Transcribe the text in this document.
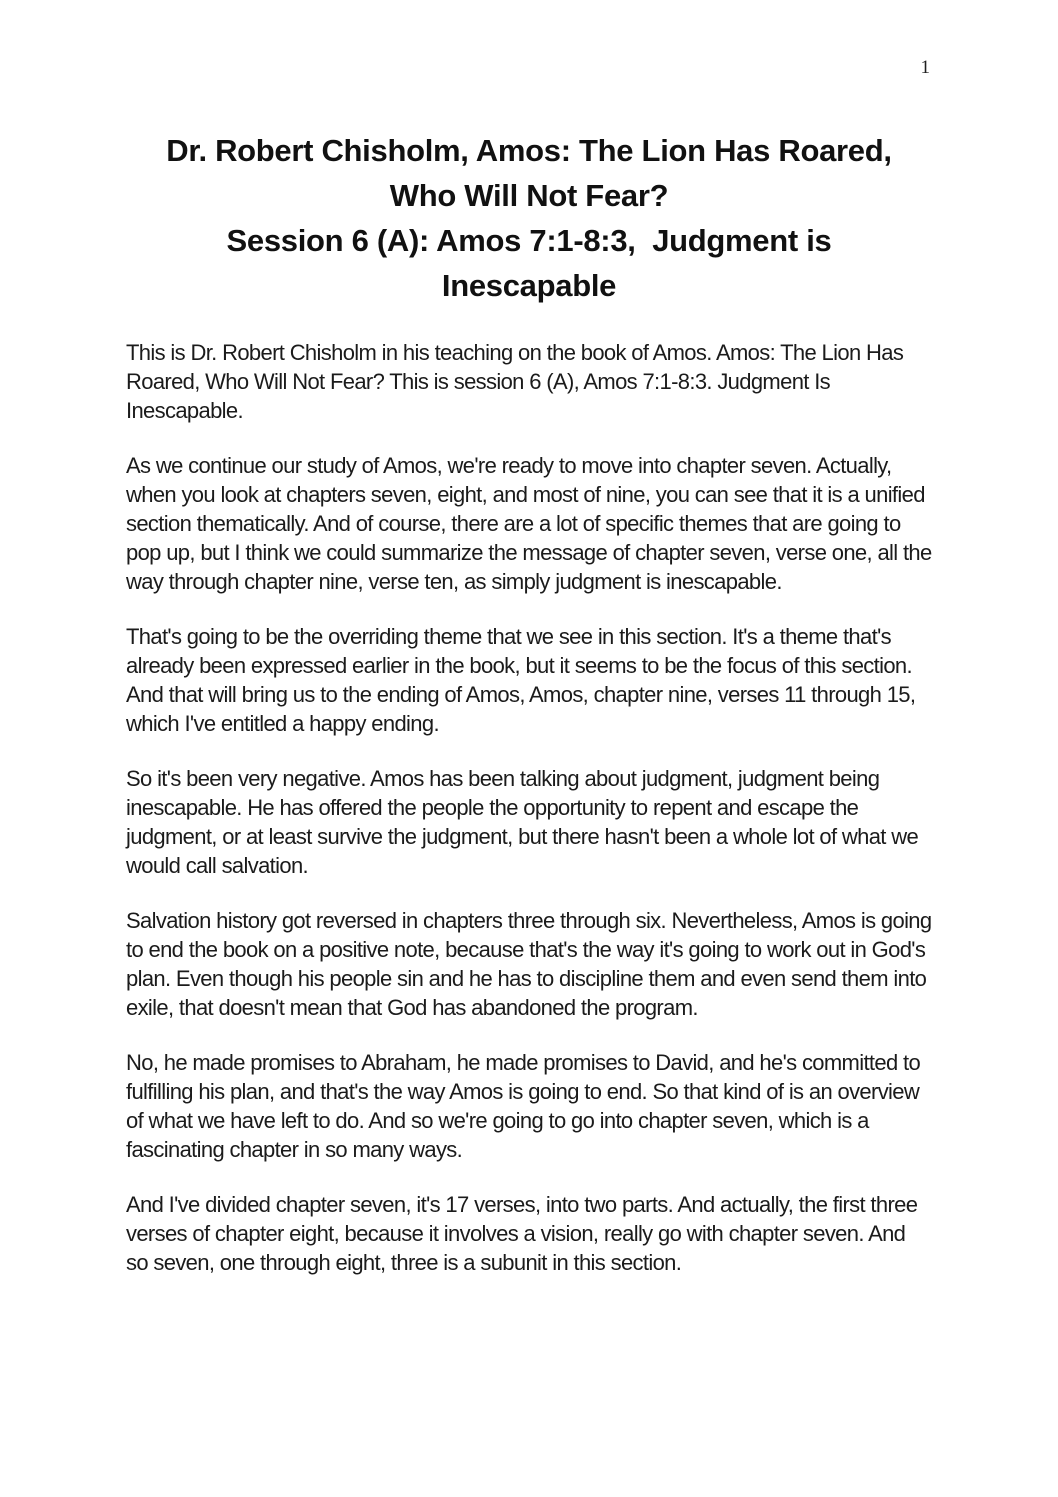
1
Dr. Robert Chisholm, Amos: The Lion Has Roared,
Who Will Not Fear?
Session 6 (A): Amos 7:1-8:3,  Judgment is
Inescapable

This is Dr. Robert Chisholm in his teaching on the book of Amos. Amos: The Lion Has Roared, Who Will Not Fear? This is session 6 (A), Amos 7:1-8:3. Judgment Is Inescapable.

As we continue our study of Amos, we're ready to move into chapter seven. Actually, when you look at chapters seven, eight, and most of nine, you can see that it is a unified section thematically. And of course, there are a lot of specific themes that are going to pop up, but I think we could summarize the message of chapter seven, verse one, all the way through chapter nine, verse ten, as simply judgment is inescapable.

That's going to be the overriding theme that we see in this section. It's a theme that's already been expressed earlier in the book, but it seems to be the focus of this section. And that will bring us to the ending of Amos, Amos, chapter nine, verses 11 through 15, which I've entitled a happy ending.

So it's been very negative. Amos has been talking about judgment, judgment being inescapable. He has offered the people the opportunity to repent and escape the judgment, or at least survive the judgment, but there hasn't been a whole lot of what we would call salvation.

Salvation history got reversed in chapters three through six. Nevertheless, Amos is going to end the book on a positive note, because that's the way it's going to work out in God's plan. Even though his people sin and he has to discipline them and even send them into exile, that doesn't mean that God has abandoned the program.

No, he made promises to Abraham, he made promises to David, and he's committed to fulfilling his plan, and that's the way Amos is going to end. So that kind of is an overview of what we have left to do. And so we're going to go into chapter seven, which is a fascinating chapter in so many ways.

And I've divided chapter seven, it's 17 verses, into two parts. And actually, the first three verses of chapter eight, because it involves a vision, really go with chapter seven. And so seven, one through eight, three is a subunit in this section.
